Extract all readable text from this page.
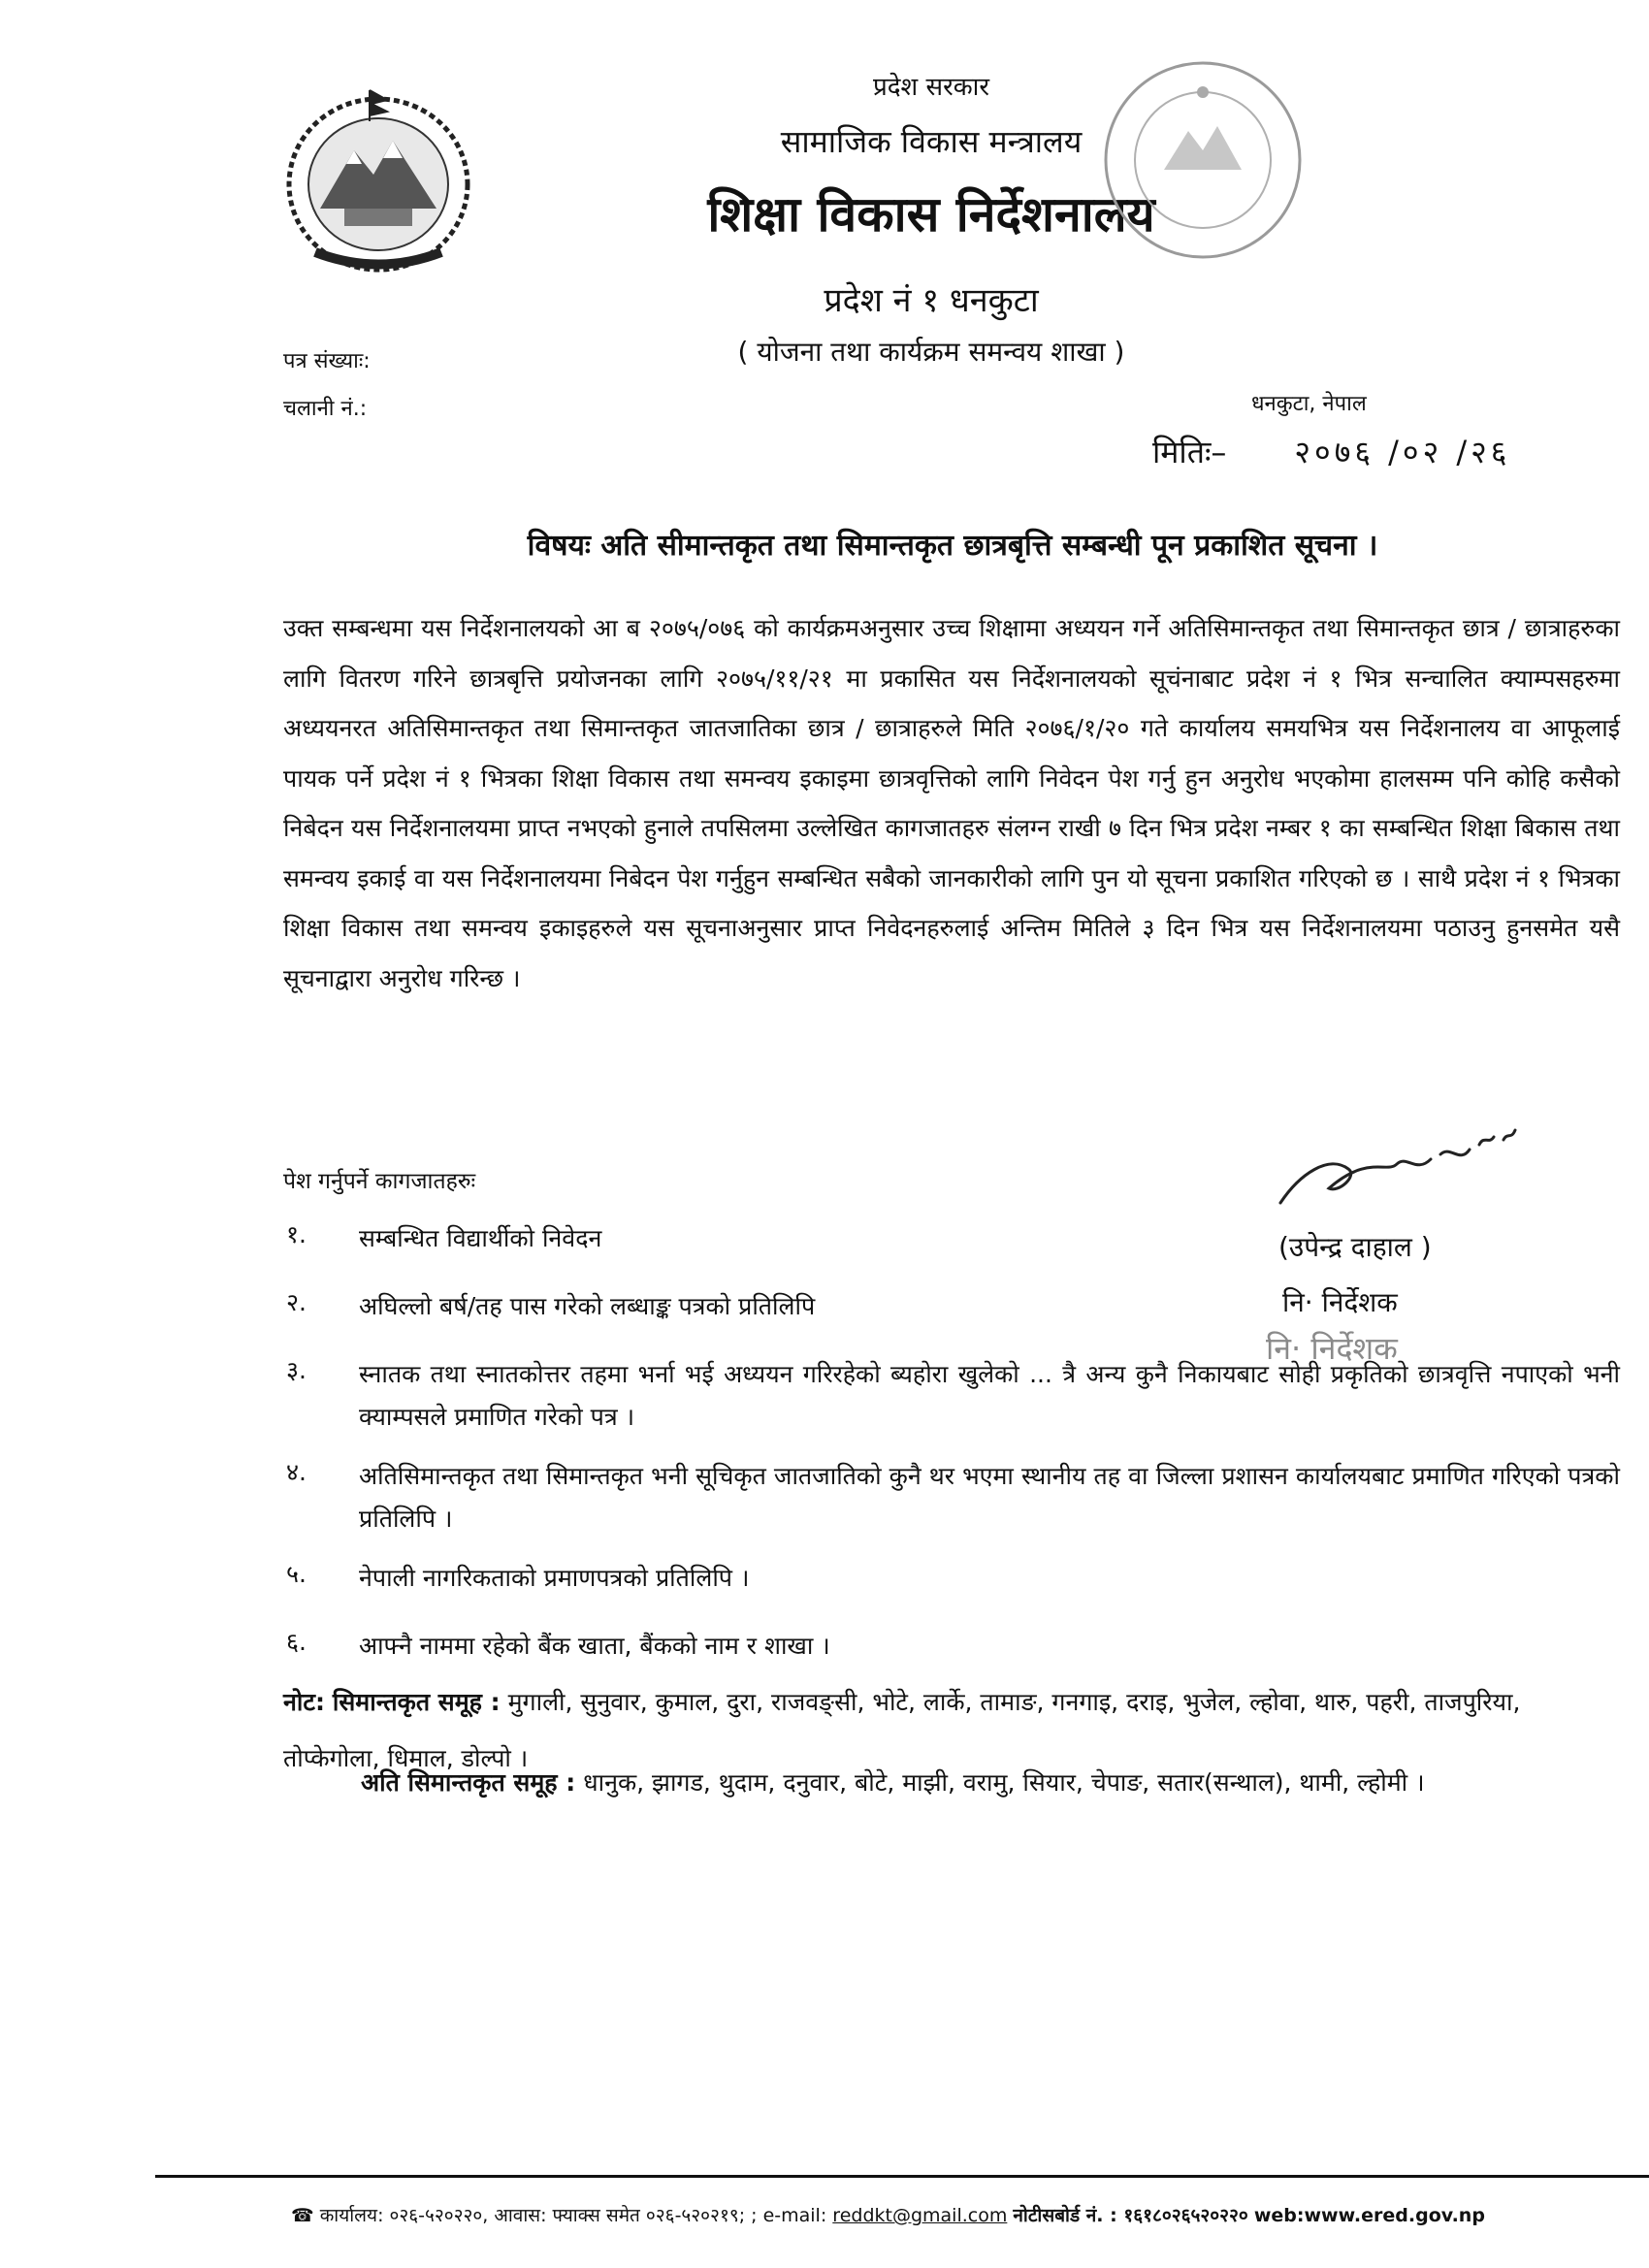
प्रदेश सरकार
सामाजिक विकास मन्त्रालय
शिक्षा विकास निर्देशनालय
प्रदेश नं १ धनकुटा
( योजना तथा कार्यक्रम समन्वय शाखा )
पत्र संख्याः:
चलानी नं.:	धनकुटा, नेपाल
मितिः– २०७६ /०२ /२६
विषयः अति सीमान्तकृत तथा सिमान्तकृत छात्रबृत्ति सम्बन्धी पून प्रकाशित सूचना ।

उक्त सम्बन्धमा यस निर्देशनालयको आ ब २०७५/०७६ को कार्यक्रमअनुसार उच्च शिक्षामा अध्ययन गर्ने अतिसिमान्तकृत तथा सिमान्तकृत छात्र / छात्राहरुका लागि वितरण गरिने छात्रबृत्ति प्रयोजनका लागि २०७५/११/२१ मा प्रकासित यस निर्देशनालयको सूचंनाबाट प्रदेश नं १ भित्र सन्चालित क्याम्पसहरुमा अध्ययनरत अतिसिमान्तकृत तथा सिमान्तकृत जातजातिका छात्र / छात्राहरुले मिति २०७६/१/२० गते कार्यालय समयभित्र यस निर्देशनालय वा आफूलाई पायक पर्ने प्रदेश नं १ भित्रका शिक्षा विकास तथा समन्वय इकाइमा छात्रवृत्तिको लागि निवेदन पेश गर्नु हुन अनुरोध भएकोमा हालसम्म पनि कोहि कसैको निबेदन यस निर्देशनालयमा प्राप्त नभएको हुनाले तपसिलमा उल्लेखित कागजातहरु संलग्न राखी ७ दिन भित्र प्रदेश नम्बर १ का सम्बन्धित शिक्षा बिकास तथा समन्वय इकाई वा यस निर्देशनालयमा निबेदन पेश गर्नुहुन सम्बन्धित सबैको जानकारीको लागि पुन यो सूचना प्रकाशित गरिएको छ । साथै प्रदेश नं १ भित्रका शिक्षा विकास तथा समन्वय इकाइहरुले यस सूचनाअनुसार प्राप्त निवेदनहरुलाई अन्तिम मितिले ३ दिन भित्र यस निर्देशनालयमा पठाउनु हुनसमेत यसै सूचनाद्वारा अनुरोध गरिन्छ ।

पेश गर्नुपर्ने कागजातहरुः
१. सम्बन्धित विद्यार्थीको निवेदन
२. अघिल्लो बर्ष/तह पास गरेको लब्धाङ्क पत्रको प्रतिलिपि
३. स्नातक तथा स्नातकोत्तर तहमा भर्ना भई अध्ययन गरिरहेको ब्यहोरा खुलेको ... त्रै अन्य कुनै निकायबाट सोही प्रकृतिको छात्रवृत्ति नपाएको भनी क्याम्पसले प्रमाणित गरेको पत्र ।
४. अतिसिमान्तकृत तथा सिमान्तकृत भनी सूचिकृत जातजातिको कुनै थर भएमा स्थानीय तह वा जिल्ला प्रशासन कार्यालयबाट प्रमाणित गरिएको पत्रको प्रतिलिपि ।
५. नेपाली नागरिकताको प्रमाणपत्रको प्रतिलिपि ।
६. आफ्नै नाममा रहेको बैंक खाता, बैंकको नाम र शाखा ।
(उपेन्द्र दाहाल )
नि· निर्देशक
नि· निर्देशक
नोट: सिमान्तकृत समूह : मुगाली, सुनुवार, कुमाल, दुरा, राजवङ्सी, भोटे, लार्के, तामाङ, गनगाइ, दराइ, भुजेल, ल्होवा, थारु, पहरी, ताजपुरिया, तोप्केगोला, धिमाल, डोल्पो ।
अति सिमान्तकृत समूह : धानुक, झागड, थुदाम, दनुवार, बोटे, माझी, वरामु, सियार, चेपाङ, सतार(सन्थाल), थामी, ल्होमी ।
☎ कार्यालय: ०२६-५२०२२०, आवास: फ्याक्स समेत ०२६-५२०२१९; ; e-mail: reddkt@gmail.com नोटीसबोर्ड नं. : १६१८०२६५२०२२० web:www.ered.gov.np
